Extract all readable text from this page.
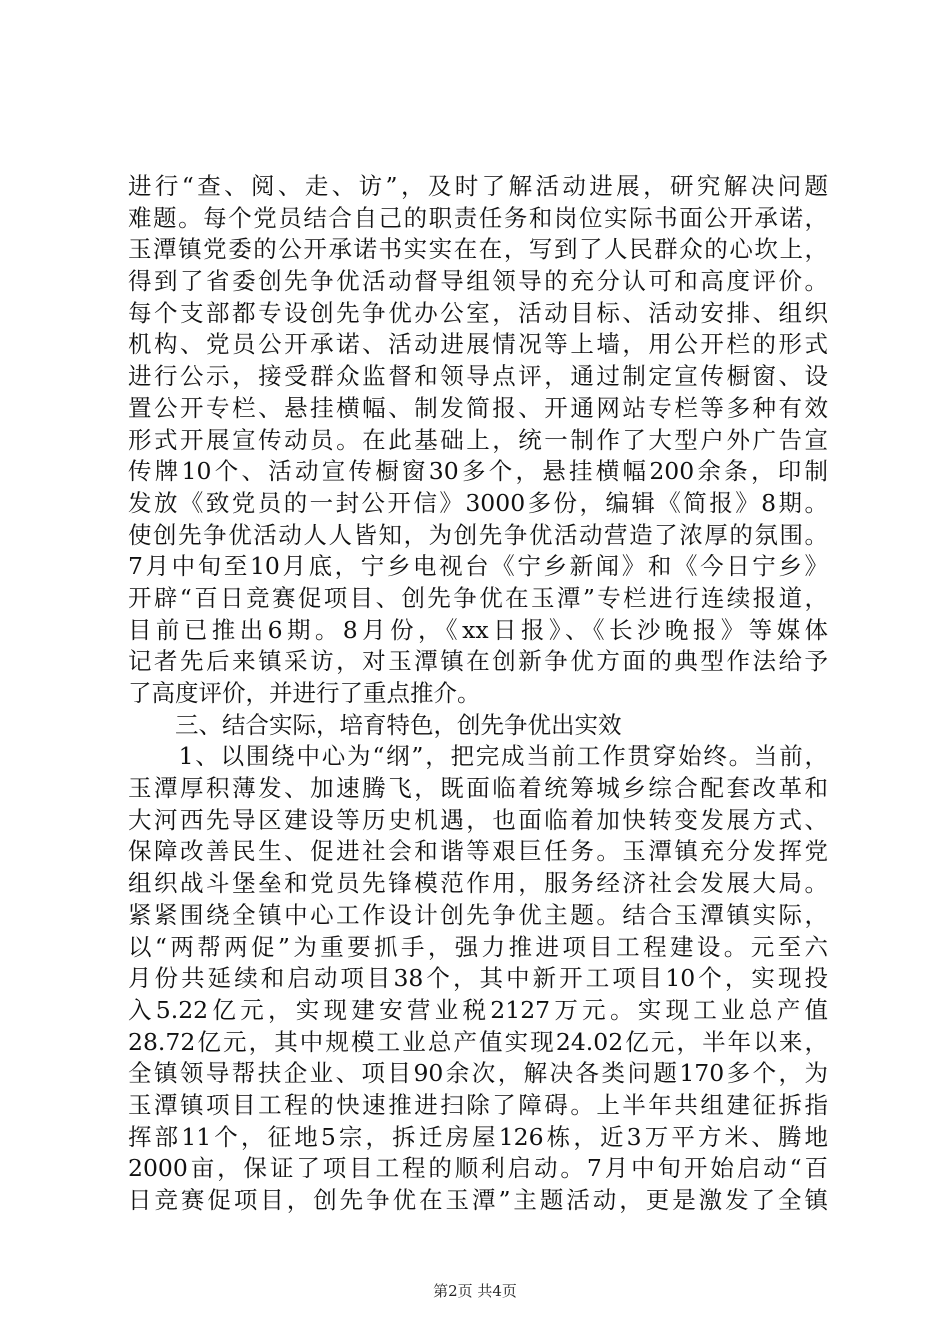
进行“查、阅、走、访”，及时了解活动进展，研究解决问题
难题。每个党员结合自己的职责任务和岗位实际书面公开承诺，
玉潭镇党委的公开承诺书实实在在，写到了人民群众的心坎上，
得到了省委创先争优活动督导组领导的充分认可和高度评价。
每个支部都专设创先争优办公室，活动目标、活动安排、组织
机构、党员公开承诺、活动进展情况等上墙，用公开栏的形式
进行公示，接受群众监督和领导点评，通过制定宣传橱窗、设
置公开专栏、悬挂横幅、制发简报、开通网站专栏等多种有效
形式开展宣传动员。在此基础上，统一制作了大型户外广告宣
传牌10个、活动宣传橱窗30多个，悬挂横幅200余条，印制
发放《致党员的一封公开信》3000多份，编辑《简报》8期。
使创先争优活动人人皆知，为创先争优活动营造了浓厚的氛围。
7月中旬至10月底，宁乡电视台《宁乡新闻》和《今日宁乡》
开辟“百日竞赛促项目、创先争优在玉潭”专栏进行连续报道，
目前已推出6期。8月份，《xx日报》、《长沙晚报》等媒体
记者先后来镇采访，对玉潭镇在创新争优方面的典型作法给予
了高度评价，并进行了重点推介。
　　三、结合实际，培育特色，创先争优出实效
　　1、以围绕中心为“纲”，把完成当前工作贯穿始终。当前，
玉潭厚积薄发、加速腾飞，既面临着统筹城乡综合配套改革和
大河西先导区建设等历史机遇，也面临着加快转变发展方式、
保障改善民生、促进社会和谐等艰巨任务。玉潭镇充分发挥党
组织战斗堡垒和党员先锋模范作用，服务经济社会发展大局。
紧紧围绕全镇中心工作设计创先争优主题。结合玉潭镇实际，
以“两帮两促”为重要抓手，强力推进项目工程建设。元至六
月份共延续和启动项目38个，其中新开工项目10个，实现投
入5.22亿元，实现建安营业税2127万元。实现工业总产值
28.72亿元，其中规模工业总产值实现24.02亿元，半年以来，
全镇领导帮扶企业、项目90余次，解决各类问题170多个，为
玉潭镇项目工程的快速推进扫除了障碍。上半年共组建征拆指
挥部11个，征地5宗，拆迁房屋126栋，近3万平方米、腾地
2000亩，保证了项目工程的顺利启动。7月中旬开始启动“百
日竞赛促项目，创先争优在玉潭”主题活动，更是激发了全镇
第2页 共4页
